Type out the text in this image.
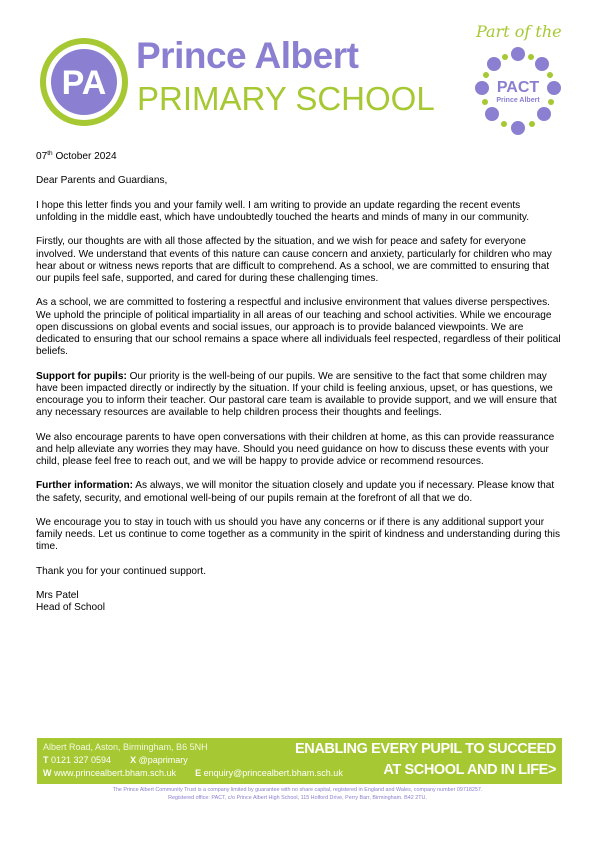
PA
Prince Albert
PRIMARY SCHOOL
Part of the
PACT
Prince Albert

07th October 2024

Dear Parents and Guardians,

I hope this letter finds you and your family well. I am writing to provide an update regarding the recent events unfolding in the middle east, which have undoubtedly touched the hearts and minds of many in our community.

Firstly, our thoughts are with all those affected by the situation, and we wish for peace and safety for everyone involved. We understand that events of this nature can cause concern and anxiety, particularly for children who may hear about or witness news reports that are difficult to comprehend. As a school, we are committed to ensuring that our pupils feel safe, supported, and cared for during these challenging times.

As a school, we are committed to fostering a respectful and inclusive environment that values diverse perspectives. We uphold the principle of political impartiality in all areas of our teaching and school activities. While we encourage open discussions on global events and social issues, our approach is to provide balanced viewpoints. We are dedicated to ensuring that our school remains a space where all individuals feel respected, regardless of their political beliefs.

Support for pupils: Our priority is the well-being of our pupils. We are sensitive to the fact that some children may have been impacted directly or indirectly by the situation. If your child is feeling anxious, upset, or has questions, we encourage you to inform their teacher. Our pastoral care team is available to provide support, and we will ensure that any necessary resources are available to help children process their thoughts and feelings.

We also encourage parents to have open conversations with their children at home, as this can provide reassurance and help alleviate any worries they may have. Should you need guidance on how to discuss these events with your child, please feel free to reach out, and we will be happy to provide advice or recommend resources.

Further information: As always, we will monitor the situation closely and update you if necessary. Please know that the safety, security, and emotional well-being of our pupils remain at the forefront of all that we do.

We encourage you to stay in touch with us should you have any concerns or if there is any additional support your family needs. Let us continue to come together as a community in the spirit of kindness and understanding during this time.

Thank you for your continued support.

Mrs Patel
Head of School
Albert Road, Aston, Birmingham, B6 5NH
T 0121 327 0594 X @paprimary
W www.princealbert.bham.sch.uk E enquiry@princealbert.bham.sch.uk
ENABLING EVERY PUPIL TO SUCCEED
AT SCHOOL AND IN LIFE>
The Prince Albert Community Trust is a company limited by guarantee with no share capital, registered in England and Wales, company number 09718257.
Registered office: PACT, c/o Prince Albert High School, 115 Holford Drive, Perry Barr, Birmingham. B42 2TU.
